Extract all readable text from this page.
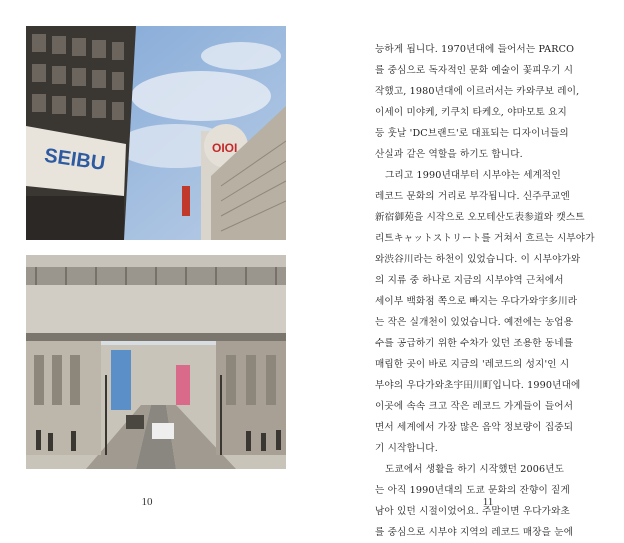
SEIBU	OIOI
10	11
능하게 됩니다. 1970년대에 들어서는 PARCO
를 중심으로 독자적인 문화 예술이 꽃피우기 시
작했고, 1980년대에 이르러서는 카와쿠보 레이,
이세이 미야케, 키쿠치 타케오, 야마모토 요지
등 훗날 'DC브랜드'로 대표되는 디자이너들의
산실과 같은 역할을 하기도 합니다.
그리고 1990년대부터 시부야는 세계적인
레코드 문화의 거리로 부각됩니다. 신주쿠교엔
新宿御苑을 시작으로 오모테산도表参道와 캣스트
리트キャットストリート를 거쳐서 흐르는 시부야가
와渋谷川라는 하천이 있었습니다. 이 시부야가와
의 지류 중 하나로 지금의 시부야역 근처에서
세이부 백화점 쪽으로 빠지는 우다가와宇多川라
는 작은 실개천이 있었습니다. 예전에는 농업용
수를 공급하기 위한 수차가 있던 조용한 동네를
매립한 곳이 바로 지금의 '레코드의 성지'인 시
부야의 우다가와초宇田川町입니다. 1990년대에
이곳에 속속 크고 작은 레코드 가게들이 들어서
면서 세계에서 가장 많은 음악 정보량이 집중되
기 시작합니다.
도쿄에서 생활을 하기 시작했던 2006년도
는 아직 1990년대의 도쿄 문화의 잔향이 짙게
남아 있던 시절이었어요. 주말이면 우다가와초
를 중심으로 시부야 지역의 레코드 매장을 눈에
